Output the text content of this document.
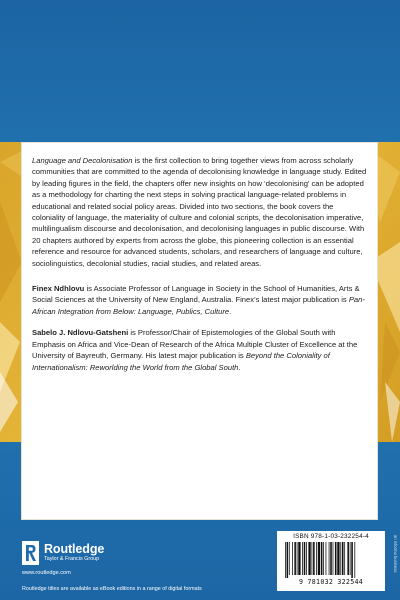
Language and Decolonisation is the first collection to bring together views from across scholarly communities that are committed to the agenda of decolonising knowledge in language study. Edited by leading figures in the field, the chapters offer new insights on how ‘decolonising’ can be adopted as a methodology for charting the next steps in solving practical language-related problems in educational and related social policy areas. Divided into two sections, the book covers the coloniality of language, the materiality of culture and colonial scripts, the decolonisation imperative, multilingualism discourse and decolonisation, and decolonising languages in public discourse. With 20 chapters authored by experts from across the globe, this pioneering collection is an essential reference and resource for advanced students, scholars, and researchers of language and culture, sociolinguistics, decolonial studies, racial studies, and related areas.

Finex Ndhlovu is Associate Professor of Language in Society in the School of Humanities, Arts & Social Sciences at the University of New England, Australia. Finex’s latest major publication is Pan-African Integration from Below: Language, Publics, Culture.

Sabelo J. Ndlovu-Gatsheni is Professor/Chair of Epistemologies of the Global South with Emphasis on Africa and Vice-Dean of Research of the Africa Multiple Cluster of Excellence at the University of Bayreuth, Germany. His latest major publication is Beyond the Coloniality of Internationalism: Reworlding the World from the Global South.

Routledge
Taylor & Francis Group
www.routledge.com
Routledge titles are available as eBook editions in a range of digital formats
ISBN 978-1-03-232254-4
9 781032 322544
an informa business
